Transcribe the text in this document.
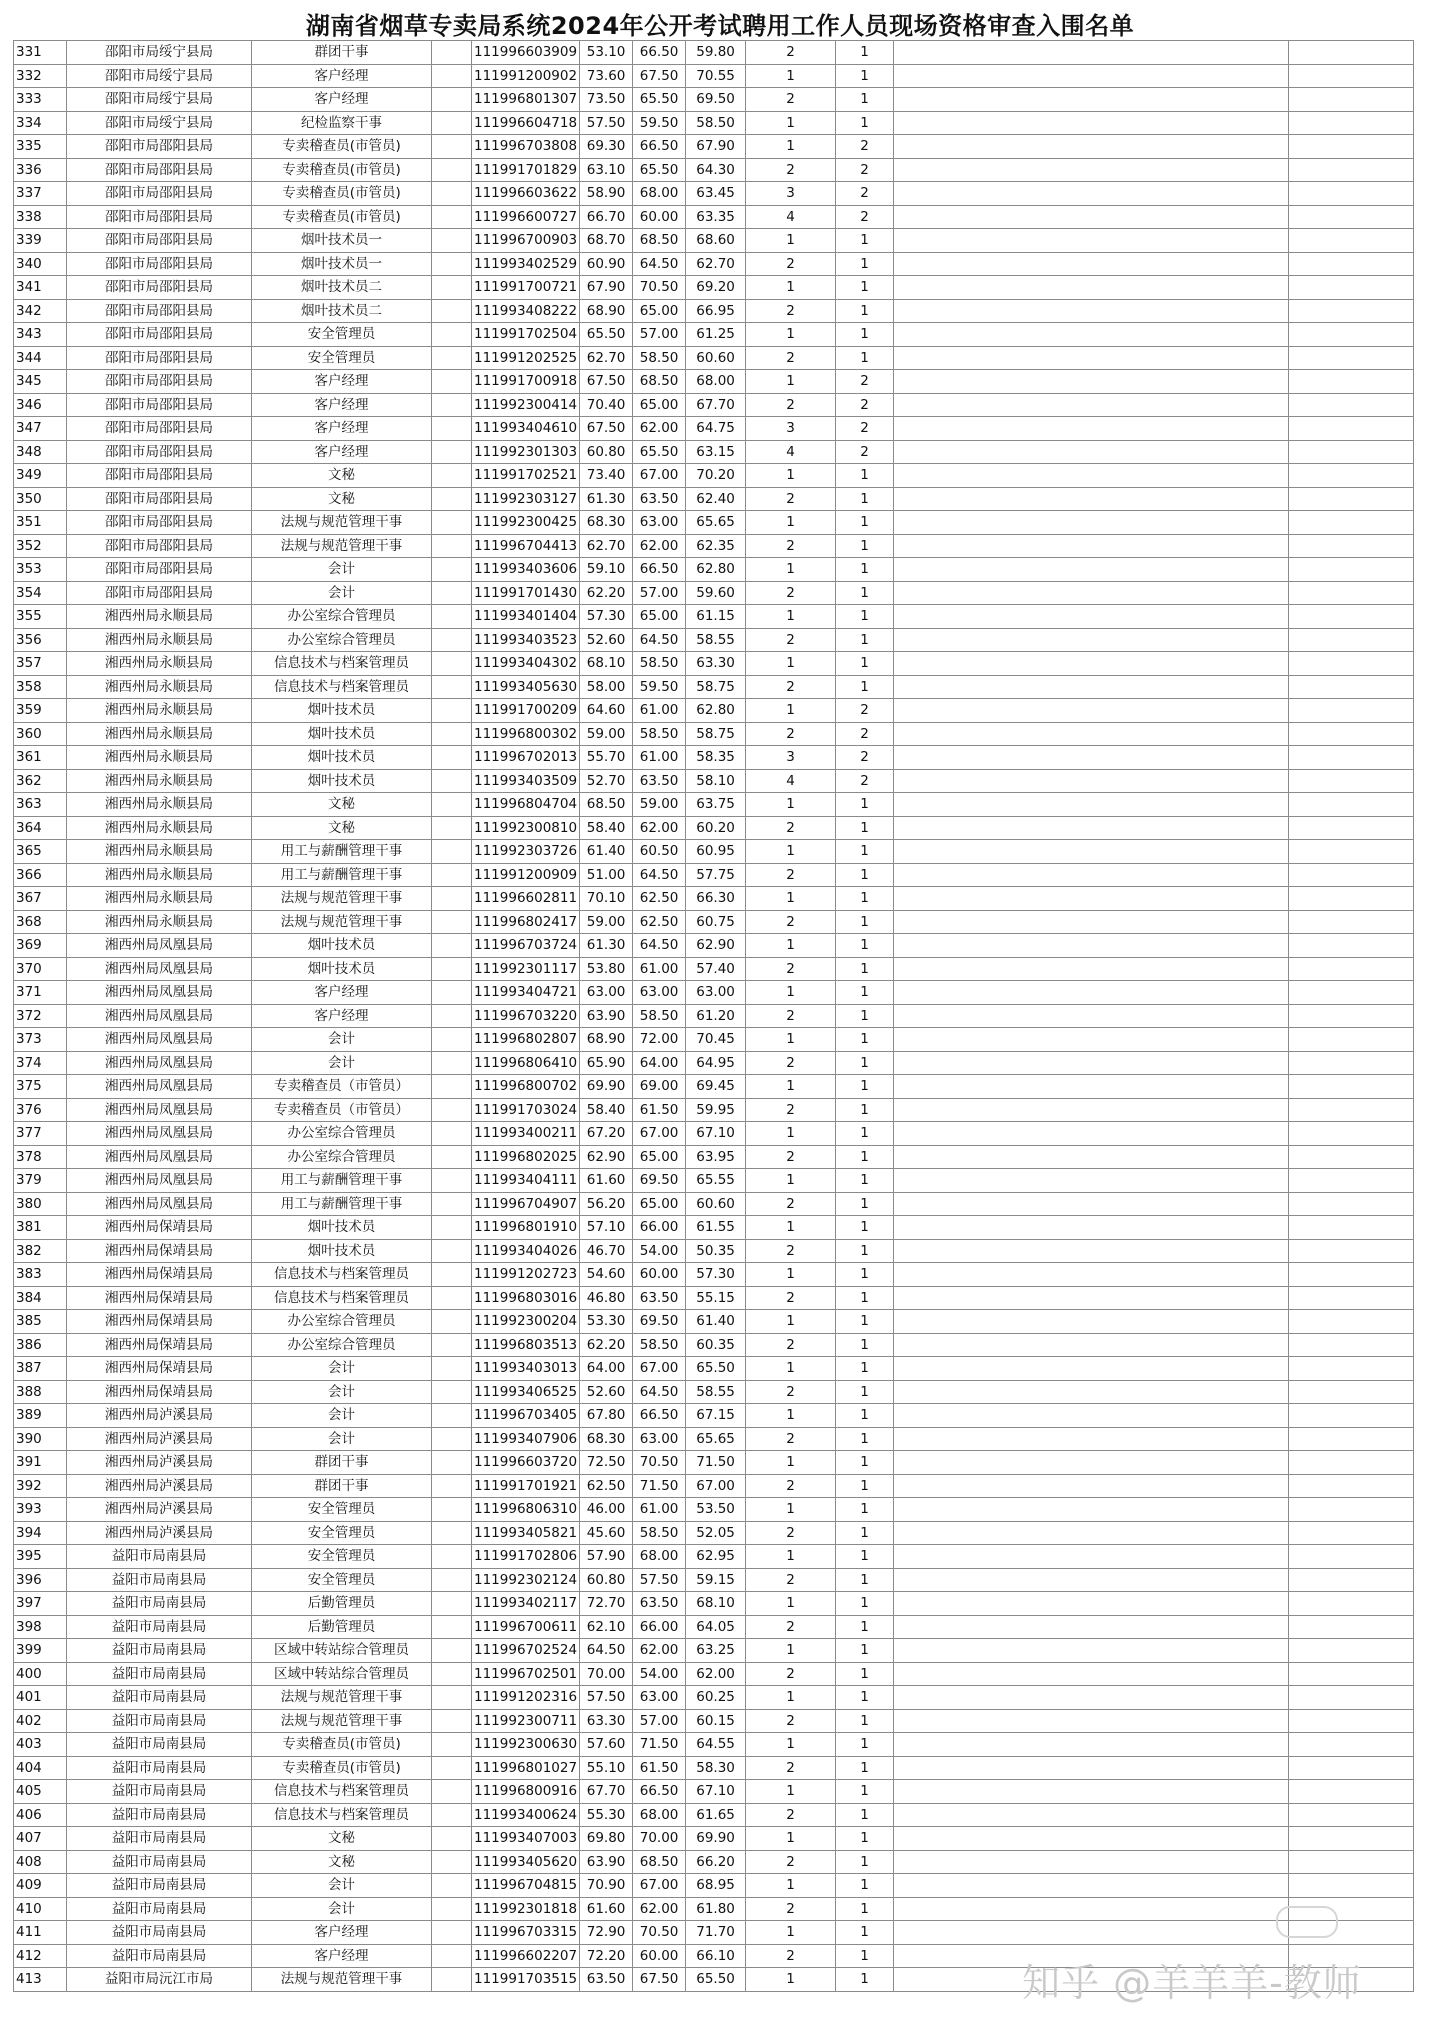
湖南省烟草专卖局系统2024年公开考试聘用工作人员现场资格审查入围名单
331	邵阳市局绥宁县局	群团干事		111996603909	53.10	66.50	59.80	2	1		
332	邵阳市局绥宁县局	客户经理		111991200902	73.60	67.50	70.55	1	1		
333	邵阳市局绥宁县局	客户经理		111996801307	73.50	65.50	69.50	2	1		
334	邵阳市局绥宁县局	纪检监察干事		111996604718	57.50	59.50	58.50	1	1		
335	邵阳市局邵阳县局	专卖稽查员(市管员)		111996703808	69.30	66.50	67.90	1	2		
336	邵阳市局邵阳县局	专卖稽查员(市管员)		111991701829	63.10	65.50	64.30	2	2		
337	邵阳市局邵阳县局	专卖稽查员(市管员)		111996603622	58.90	68.00	63.45	3	2		
338	邵阳市局邵阳县局	专卖稽查员(市管员)		111996600727	66.70	60.00	63.35	4	2		
339	邵阳市局邵阳县局	烟叶技术员一		111996700903	68.70	68.50	68.60	1	1		
340	邵阳市局邵阳县局	烟叶技术员一		111993402529	60.90	64.50	62.70	2	1		
341	邵阳市局邵阳县局	烟叶技术员二		111991700721	67.90	70.50	69.20	1	1		
342	邵阳市局邵阳县局	烟叶技术员二		111993408222	68.90	65.00	66.95	2	1		
343	邵阳市局邵阳县局	安全管理员		111991702504	65.50	57.00	61.25	1	1		
344	邵阳市局邵阳县局	安全管理员		111991202525	62.70	58.50	60.60	2	1		
345	邵阳市局邵阳县局	客户经理		111991700918	67.50	68.50	68.00	1	2		
346	邵阳市局邵阳县局	客户经理		111992300414	70.40	65.00	67.70	2	2		
347	邵阳市局邵阳县局	客户经理		111993404610	67.50	62.00	64.75	3	2		
348	邵阳市局邵阳县局	客户经理		111992301303	60.80	65.50	63.15	4	2		
349	邵阳市局邵阳县局	文秘		111991702521	73.40	67.00	70.20	1	1		
350	邵阳市局邵阳县局	文秘		111992303127	61.30	63.50	62.40	2	1		
351	邵阳市局邵阳县局	法规与规范管理干事		111992300425	68.30	63.00	65.65	1	1		
352	邵阳市局邵阳县局	法规与规范管理干事		111996704413	62.70	62.00	62.35	2	1		
353	邵阳市局邵阳县局	会计		111993403606	59.10	66.50	62.80	1	1		
354	邵阳市局邵阳县局	会计		111991701430	62.20	57.00	59.60	2	1		
355	湘西州局永顺县局	办公室综合管理员		111993401404	57.30	65.00	61.15	1	1		
356	湘西州局永顺县局	办公室综合管理员		111993403523	52.60	64.50	58.55	2	1		
357	湘西州局永顺县局	信息技术与档案管理员		111993404302	68.10	58.50	63.30	1	1		
358	湘西州局永顺县局	信息技术与档案管理员		111993405630	58.00	59.50	58.75	2	1		
359	湘西州局永顺县局	烟叶技术员		111991700209	64.60	61.00	62.80	1	2		
360	湘西州局永顺县局	烟叶技术员		111996800302	59.00	58.50	58.75	2	2		
361	湘西州局永顺县局	烟叶技术员		111996702013	55.70	61.00	58.35	3	2		
362	湘西州局永顺县局	烟叶技术员		111993403509	52.70	63.50	58.10	4	2		
363	湘西州局永顺县局	文秘		111996804704	68.50	59.00	63.75	1	1		
364	湘西州局永顺县局	文秘		111992300810	58.40	62.00	60.20	2	1		
365	湘西州局永顺县局	用工与薪酬管理干事		111992303726	61.40	60.50	60.95	1	1		
366	湘西州局永顺县局	用工与薪酬管理干事		111991200909	51.00	64.50	57.75	2	1		
367	湘西州局永顺县局	法规与规范管理干事		111996602811	70.10	62.50	66.30	1	1		
368	湘西州局永顺县局	法规与规范管理干事		111996802417	59.00	62.50	60.75	2	1		
369	湘西州局凤凰县局	烟叶技术员		111996703724	61.30	64.50	62.90	1	1		
370	湘西州局凤凰县局	烟叶技术员		111992301117	53.80	61.00	57.40	2	1		
371	湘西州局凤凰县局	客户经理		111993404721	63.00	63.00	63.00	1	1		
372	湘西州局凤凰县局	客户经理		111996703220	63.90	58.50	61.20	2	1		
373	湘西州局凤凰县局	会计		111996802807	68.90	72.00	70.45	1	1		
374	湘西州局凤凰县局	会计		111996806410	65.90	64.00	64.95	2	1		
375	湘西州局凤凰县局	专卖稽查员（市管员）		111996800702	69.90	69.00	69.45	1	1		
376	湘西州局凤凰县局	专卖稽查员（市管员）		111991703024	58.40	61.50	59.95	2	1		
377	湘西州局凤凰县局	办公室综合管理员		111993400211	67.20	67.00	67.10	1	1		
378	湘西州局凤凰县局	办公室综合管理员		111996802025	62.90	65.00	63.95	2	1		
379	湘西州局凤凰县局	用工与薪酬管理干事		111993404111	61.60	69.50	65.55	1	1		
380	湘西州局凤凰县局	用工与薪酬管理干事		111996704907	56.20	65.00	60.60	2	1		
381	湘西州局保靖县局	烟叶技术员		111996801910	57.10	66.00	61.55	1	1		
382	湘西州局保靖县局	烟叶技术员		111993404026	46.70	54.00	50.35	2	1		
383	湘西州局保靖县局	信息技术与档案管理员		111991202723	54.60	60.00	57.30	1	1		
384	湘西州局保靖县局	信息技术与档案管理员		111996803016	46.80	63.50	55.15	2	1		
385	湘西州局保靖县局	办公室综合管理员		111992300204	53.30	69.50	61.40	1	1		
386	湘西州局保靖县局	办公室综合管理员		111996803513	62.20	58.50	60.35	2	1		
387	湘西州局保靖县局	会计		111993403013	64.00	67.00	65.50	1	1		
388	湘西州局保靖县局	会计		111993406525	52.60	64.50	58.55	2	1		
389	湘西州局泸溪县局	会计		111996703405	67.80	66.50	67.15	1	1		
390	湘西州局泸溪县局	会计		111993407906	68.30	63.00	65.65	2	1		
391	湘西州局泸溪县局	群团干事		111996603720	72.50	70.50	71.50	1	1		
392	湘西州局泸溪县局	群团干事		111991701921	62.50	71.50	67.00	2	1		
393	湘西州局泸溪县局	安全管理员		111996806310	46.00	61.00	53.50	1	1		
394	湘西州局泸溪县局	安全管理员		111993405821	45.60	58.50	52.05	2	1		
395	益阳市局南县局	安全管理员		111991702806	57.90	68.00	62.95	1	1		
396	益阳市局南县局	安全管理员		111992302124	60.80	57.50	59.15	2	1		
397	益阳市局南县局	后勤管理员		111993402117	72.70	63.50	68.10	1	1		
398	益阳市局南县局	后勤管理员		111996700611	62.10	66.00	64.05	2	1		
399	益阳市局南县局	区域中转站综合管理员		111996702524	64.50	62.00	63.25	1	1		
400	益阳市局南县局	区域中转站综合管理员		111996702501	70.00	54.00	62.00	2	1		
401	益阳市局南县局	法规与规范管理干事		111991202316	57.50	63.00	60.25	1	1		
402	益阳市局南县局	法规与规范管理干事		111992300711	63.30	57.00	60.15	2	1		
403	益阳市局南县局	专卖稽查员(市管员)		111992300630	57.60	71.50	64.55	1	1		
404	益阳市局南县局	专卖稽查员(市管员)		111996801027	55.10	61.50	58.30	2	1		
405	益阳市局南县局	信息技术与档案管理员		111996800916	67.70	66.50	67.10	1	1		
406	益阳市局南县局	信息技术与档案管理员		111993400624	55.30	68.00	61.65	2	1		
407	益阳市局南县局	文秘		111993407003	69.80	70.00	69.90	1	1		
408	益阳市局南县局	文秘		111993405620	63.90	68.50	66.20	2	1		
409	益阳市局南县局	会计		111996704815	70.90	67.00	68.95	1	1		
410	益阳市局南县局	会计		111992301818	61.60	62.00	61.80	2	1		
411	益阳市局南县局	客户经理		111996703315	72.90	70.50	71.70	1	1		
412	益阳市局南县局	客户经理		111996602207	72.20	60.00	66.10	2	1		
413	益阳市局沅江市局	法规与规范管理干事		111991703515	63.50	67.50	65.50	1	1			知乎 @羊羊羊-教师
